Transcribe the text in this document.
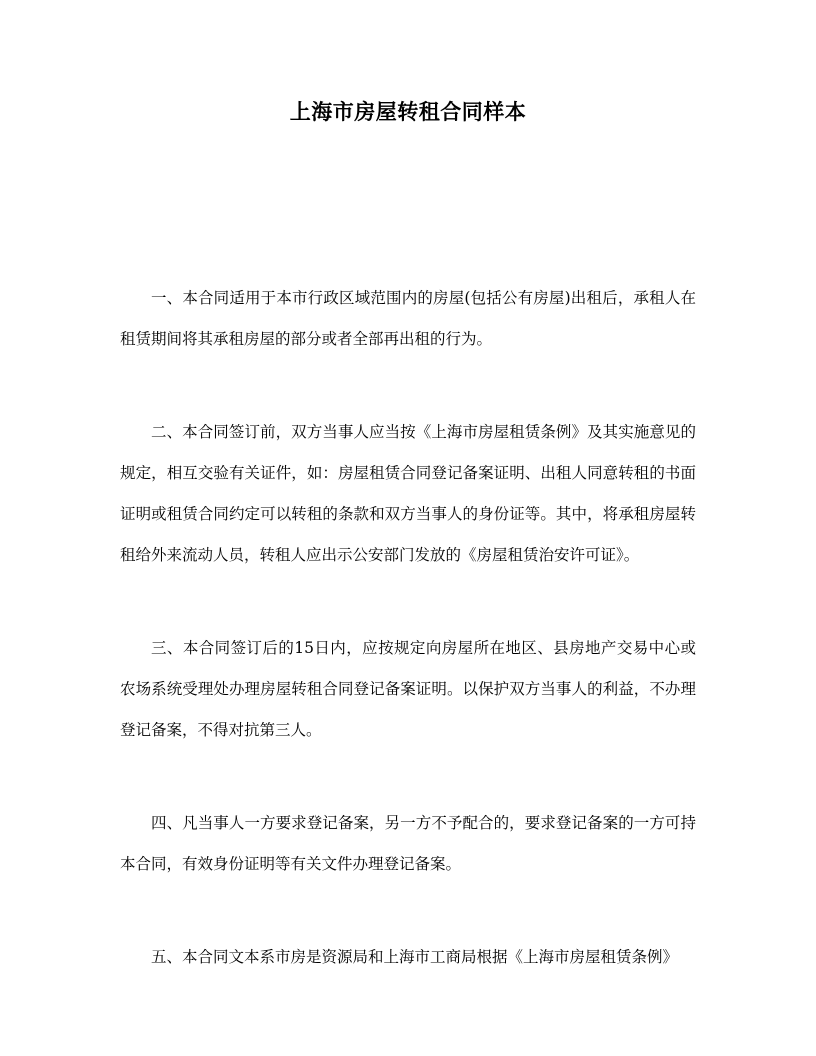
上海市房屋转租合同样本

一、本合同适用于本市行政区域范围内的房屋(包括公有房屋)出租后，承租人在租赁期间将其承租房屋的部分或者全部再出租的行为。

二、本合同签订前，双方当事人应当按《上海市房屋租赁条例》及其实施意见的规定，相互交验有关证件，如：房屋租赁合同登记备案证明、出租人同意转租的书面证明或租赁合同约定可以转租的条款和双方当事人的身份证等。其中，将承租房屋转租给外来流动人员，转租人应出示公安部门发放的《房屋租赁治安许可证》。

三、本合同签订后的15日内，应按规定向房屋所在地区、县房地产交易中心或农场系统受理处办理房屋转租合同登记备案证明。以保护双方当事人的利益，不办理登记备案，不得对抗第三人。

四、凡当事人一方要求登记备案，另一方不予配合的，要求登记备案的一方可持本合同，有效身份证明等有关文件办理登记备案。

五、本合同文本系市房是资源局和上海市工商局根据《上海市房屋租赁条例》
